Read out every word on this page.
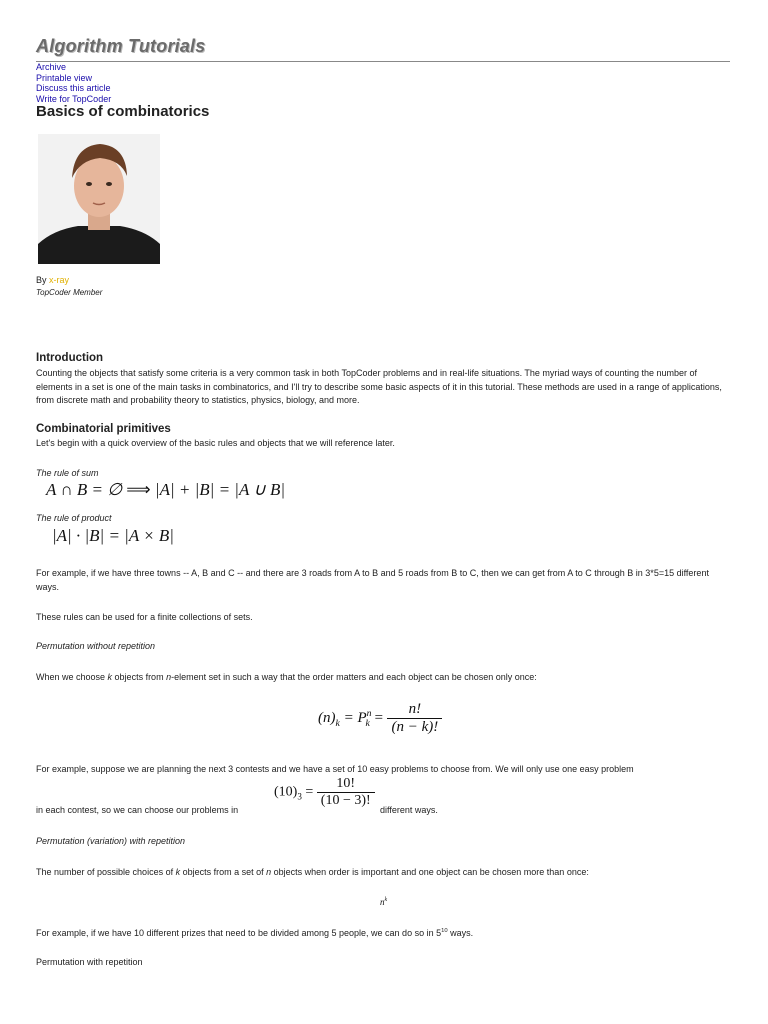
Algorithm Tutorials
Archive
Printable view
Discuss this article
Write for TopCoder
Basics of combinatorics
By x-ray
TopCoder Member
Introduction

Counting the objects that satisfy some criteria is a very common task in both TopCoder problems and in real-life situations. The myriad ways of counting the number of elements in a set is one of the main tasks in combinatorics, and I'll try to describe some basic aspects of it in this tutorial. These methods are used in a range of applications, from discrete math and probability theory to statistics, physics, biology, and more.

Combinatorial primitives

Let's begin with a quick overview of the basic rules and objects that we will reference later.

The rule of sum

A ∩ B = ∅ ⟹ |A| + |B| = |A ∪ B|

The rule of product

|A| · |B| = |A × B|

For example, if we have three towns -- A, B and C -- and there are 3 roads from A to B and 5 roads from B to C, then we can get from A to C through B in 3*5=15 different ways.

These rules can be used for a finite collections of sets.

Permutation without repetition

When we choose k objects from n-element set in such a way that the order matters and each object can be chosen only once:

$(n)_k = P^n_k = \frac{n!}{(n - k)!}$

For example, suppose we are planning the next 3 contests and we have a set of 10 easy problems to choose from. We will only use one easy problem

in each contest, so we can choose our problems in

$(10)_3 = \frac{10!}{(10 - 3)!}$

different ways.

Permutation (variation) with repetition

The number of possible choices of k objects from a set of n objects when order is important and one object can be chosen more than once:

$n^k$

For example, if we have 10 different prizes that need to be divided among 5 people, we can do so in $5^{10}$ ways.

Permutation with repetition
